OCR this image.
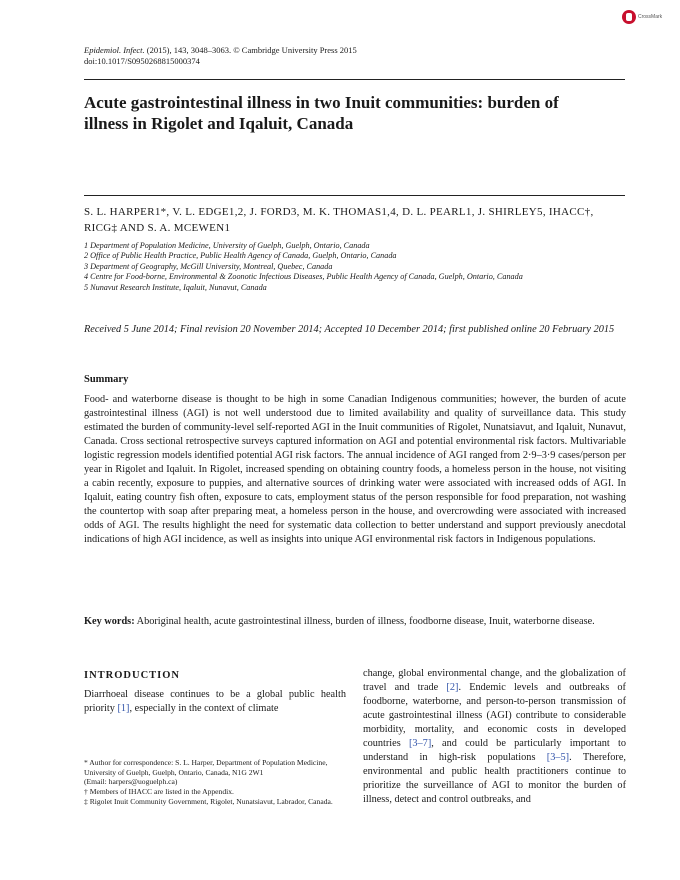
CrossMark
Epidemiol. Infect. (2015), 143, 3048–3063. © Cambridge University Press 2015
doi:10.1017/S0950268815000374
Acute gastrointestinal illness in two Inuit communities: burden of illness in Rigolet and Iqaluit, Canada
S. L. HARPER1*, V. L. EDGE1,2, J. FORD3, M. K. THOMAS1,4, D. L. PEARL1, J. SHIRLEY5, IHACC†, RICG‡ AND S. A. MCEWEN1
1 Department of Population Medicine, University of Guelph, Guelph, Ontario, Canada
2 Office of Public Health Practice, Public Health Agency of Canada, Guelph, Ontario, Canada
3 Department of Geography, McGill University, Montreal, Quebec, Canada
4 Centre for Food-borne, Environmental & Zoonotic Infectious Diseases, Public Health Agency of Canada, Guelph, Ontario, Canada
5 Nunavut Research Institute, Iqaluit, Nunavut, Canada
Received 5 June 2014; Final revision 20 November 2014; Accepted 10 December 2014; first published online 20 February 2015
Summary
Food- and waterborne disease is thought to be high in some Canadian Indigenous communities; however, the burden of acute gastrointestinal illness (AGI) is not well understood due to limited availability and quality of surveillance data. This study estimated the burden of community-level self-reported AGI in the Inuit communities of Rigolet, Nunatsiavut, and Iqaluit, Nunavut, Canada. Cross sectional retrospective surveys captured information on AGI and potential environmental risk factors. Multivariable logistic regression models identified potential AGI risk factors. The annual incidence of AGI ranged from 2·9–3·9 cases/person per year in Rigolet and Iqaluit. In Rigolet, increased spending on obtaining country foods, a homeless person in the house, not visiting a cabin recently, exposure to puppies, and alternative sources of drinking water were associated with increased odds of AGI. In Iqaluit, eating country fish often, exposure to cats, employment status of the person responsible for food preparation, not washing the countertop with soap after preparing meat, a homeless person in the house, and overcrowding were associated with increased odds of AGI. The results highlight the need for systematic data collection to better understand and support previously anecdotal indications of high AGI incidence, as well as insights into unique AGI environmental risk factors in Indigenous populations.
Key words: Aboriginal health, acute gastrointestinal illness, burden of illness, foodborne disease, Inuit, waterborne disease.
INTRODUCTION
Diarrhoeal disease continues to be a global public health priority [1], especially in the context of climate

* Author for correspondence: S. L. Harper, Department of Population Medicine, University of Guelph, Guelph, Ontario, Canada, N1G 2W1

(Email: harpers@uoguelph.ca)

† Members of IHACC are listed in the Appendix.

‡ Rigolet Inuit Community Government, Rigolet, Nunatsiavut, Labrador, Canada.

change, global environmental change, and the globalization of travel and trade [2]. Endemic levels and outbreaks of foodborne, waterborne, and person-to-person transmission of acute gastrointestinal illness (AGI) contribute to considerable morbidity, mortality, and economic costs in developed countries [3–7], and could be particularly important to understand in high-risk populations [3–5]. Therefore, environmental and public health practitioners continue to prioritize the surveillance of AGI to monitor the burden of illness, detect and control outbreaks, and
